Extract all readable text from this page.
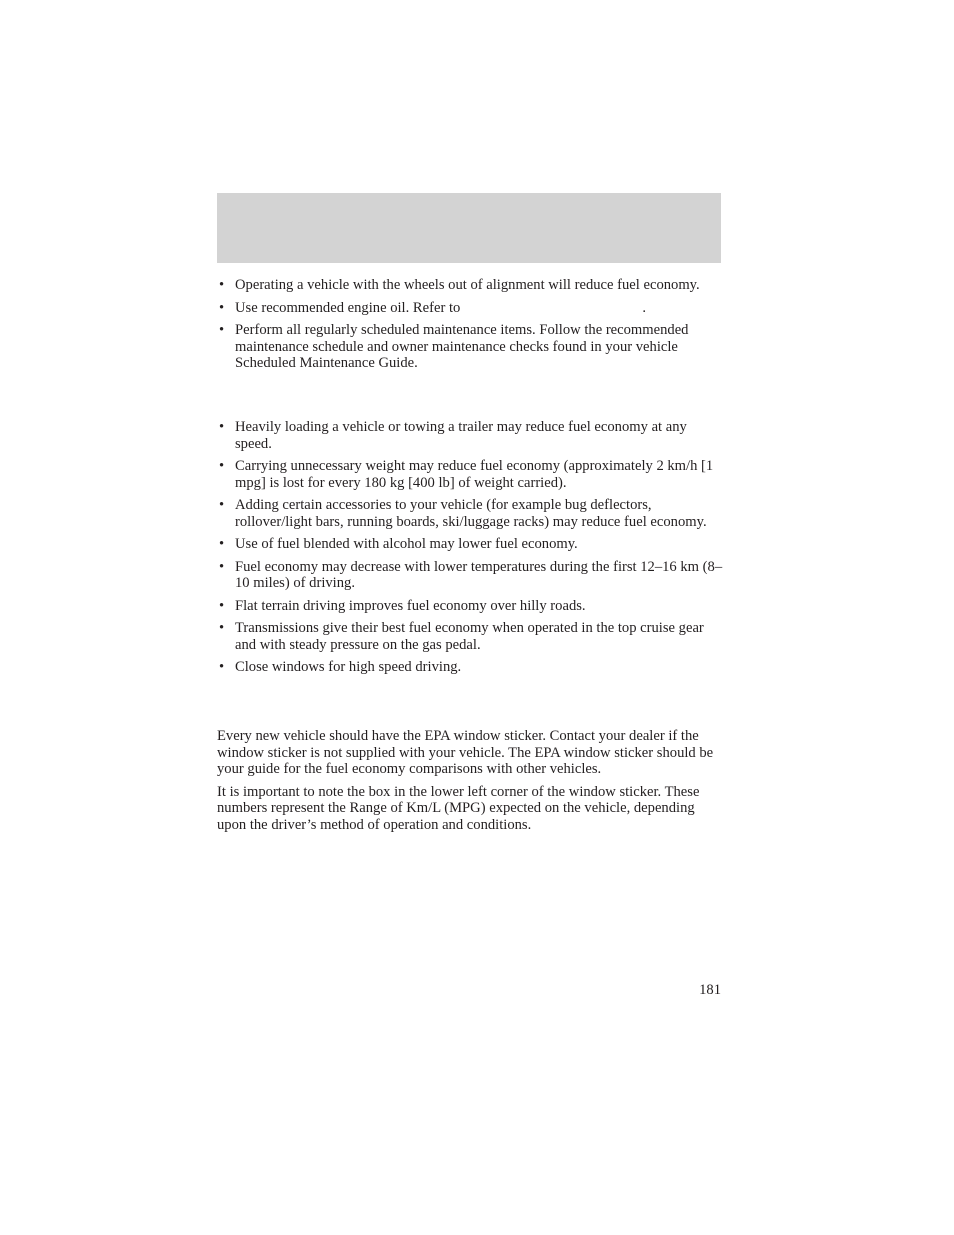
• Operating a vehicle with the wheels out of alignment will reduce fuel economy.
• Use recommended engine oil. Refer to	.
• Perform all regularly scheduled maintenance items. Follow the recommended maintenance schedule and owner maintenance checks found in your vehicle Scheduled Maintenance Guide.
• Heavily loading a vehicle or towing a trailer may reduce fuel economy at any speed.
• Carrying unnecessary weight may reduce fuel economy (approximately 2 km/h [1 mpg] is lost for every 180 kg [400 lb] of weight carried).
• Adding certain accessories to your vehicle (for example bug deflectors, rollover/light bars, running boards, ski/luggage racks) may reduce fuel economy.
• Use of fuel blended with alcohol may lower fuel economy.
• Fuel economy may decrease with lower temperatures during the first 12–16 km (8–10 miles) of driving.
• Flat terrain driving improves fuel economy over hilly roads.
• Transmissions give their best fuel economy when operated in the top cruise gear and with steady pressure on the gas pedal.
• Close windows for high speed driving.

Every new vehicle should have the EPA window sticker. Contact your dealer if the window sticker is not supplied with your vehicle. The EPA window sticker should be your guide for the fuel economy comparisons with other vehicles.

It is important to note the box in the lower left corner of the window sticker. These numbers represent the Range of Km/L (MPG) expected on the vehicle, depending upon the driver’s method of operation and conditions.

181
